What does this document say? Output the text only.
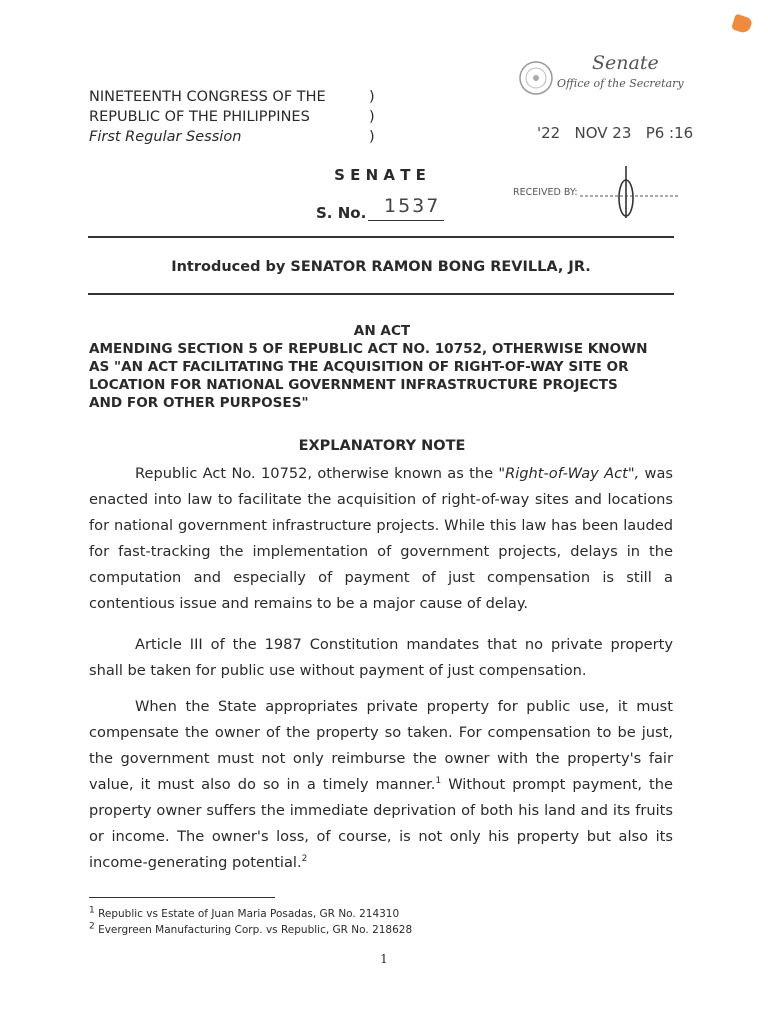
NINETEENTH CONGRESS OF THE
REPUBLIC OF THE PHILIPPINES
First Regular Session
)
)
)
Senate
Office of the Secretary
'22   NOV 23   P6 :16
RECEIVED BY:
S E N A T E
S. No. 1537
Introduced by SENATOR RAMON BONG REVILLA, JR.
AN ACT
AMENDING SECTION 5 OF REPUBLIC ACT NO. 10752, OTHERWISE KNOWN
AS "AN ACT FACILITATING THE ACQUISITION OF RIGHT-OF-WAY SITE OR
LOCATION FOR NATIONAL GOVERNMENT INFRASTRUCTURE PROJECTS
AND FOR OTHER PURPOSES"
EXPLANATORY NOTE

Republic Act No. 10752, otherwise known as the "Right-of-Way Act", was enacted into law to facilitate the acquisition of right-of-way sites and locations for national government infrastructure projects. While this law has been lauded for fast-tracking the implementation of government projects, delays in the computation and especially of payment of just compensation is still a contentious issue and remains to be a major cause of delay.

Article III of the 1987 Constitution mandates that no private property shall be taken for public use without payment of just compensation.

When the State appropriates private property for public use, it must compensate the owner of the property so taken. For compensation to be just, the government must not only reimburse the owner with the property's fair value, it must also do so in a timely manner.$^1$ Without prompt payment, the property owner suffers the immediate deprivation of both his land and its fruits or income. The owner's loss, of course, is not only his property but also its income-generating potential.$^2$

$^1$ Republic vs Estate of Juan Maria Posadas, GR No. 214310
$^2$ Evergreen Manufacturing Corp. vs Republic, GR No. 218628
1
